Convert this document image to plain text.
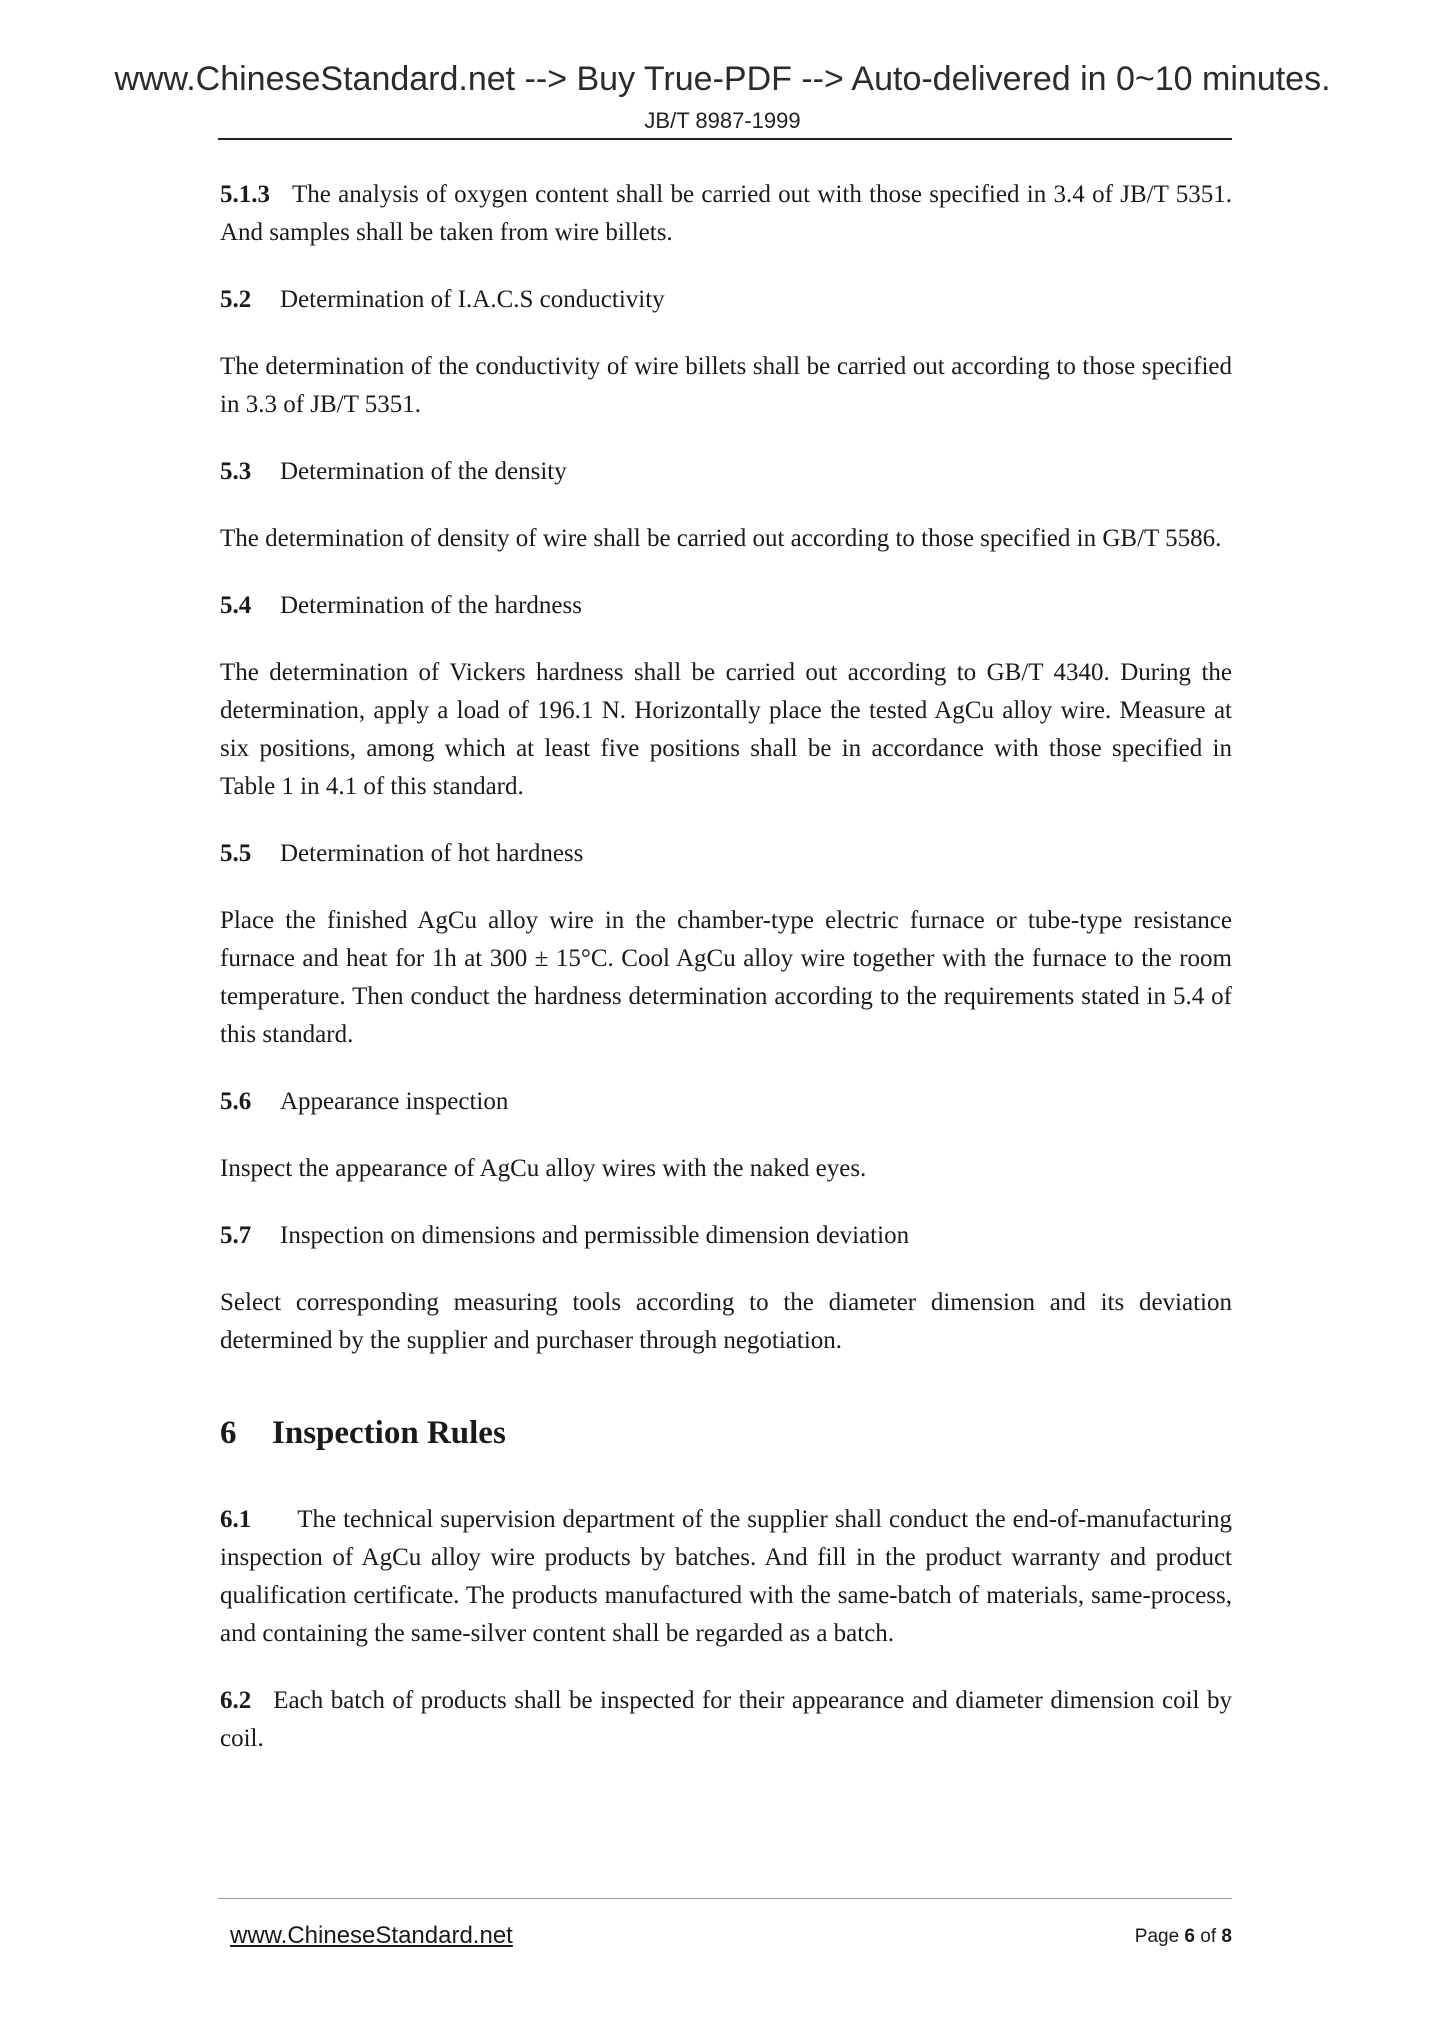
www.ChineseStandard.net --> Buy True-PDF --> Auto-delivered in 0~10 minutes.
JB/T 8987-1999

5.1.3 The analysis of oxygen content shall be carried out with those specified in 3.4 of JB/T 5351. And samples shall be taken from wire billets.

5.2 Determination of I.A.C.S conductivity

The determination of the conductivity of wire billets shall be carried out according to those specified in 3.3 of JB/T 5351.

5.3 Determination of the density

The determination of density of wire shall be carried out according to those specified in GB/T 5586.

5.4 Determination of the hardness

The determination of Vickers hardness shall be carried out according to GB/T 4340. During the determination, apply a load of 196.1 N. Horizontally place the tested AgCu alloy wire. Measure at six positions, among which at least five positions shall be in accordance with those specified in Table 1 in 4.1 of this standard.

5.5 Determination of hot hardness

Place the finished AgCu alloy wire in the chamber-type electric furnace or tube-type resistance furnace and heat for 1h at 300 ± 15°C. Cool AgCu alloy wire together with the furnace to the room temperature. Then conduct the hardness determination according to the requirements stated in 5.4 of this standard.

5.6 Appearance inspection

Inspect the appearance of AgCu alloy wires with the naked eyes.

5.7 Inspection on dimensions and permissible dimension deviation

Select corresponding measuring tools according to the diameter dimension and its deviation determined by the supplier and purchaser through negotiation.

6 Inspection Rules

6.1 The technical supervision department of the supplier shall conduct the end-of-manufacturing inspection of AgCu alloy wire products by batches. And fill in the product warranty and product qualification certificate. The products manufactured with the same-batch of materials, same-process, and containing the same-silver content shall be regarded as a batch.

6.2 Each batch of products shall be inspected for their appearance and diameter dimension coil by coil.

www.ChineseStandard.net	Page 6 of 8
